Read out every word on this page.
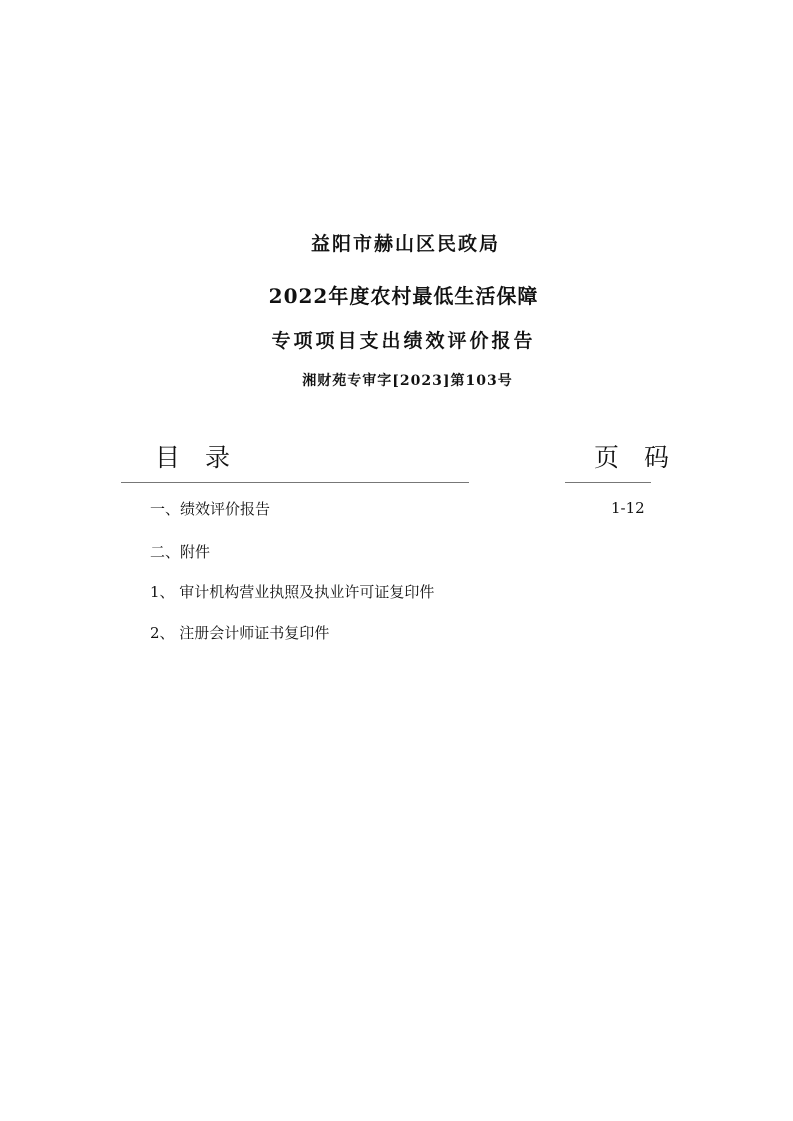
益阳市赫山区民政局
2022年度农村最低生活保障
专项项目支出绩效评价报告
湘财苑专审字[2023]第103号
目　录	页　码
一、绩效评价报告	1-12
二、附件
1、 审计机构营业执照及执业许可证复印件
2、 注册会计师证书复印件
